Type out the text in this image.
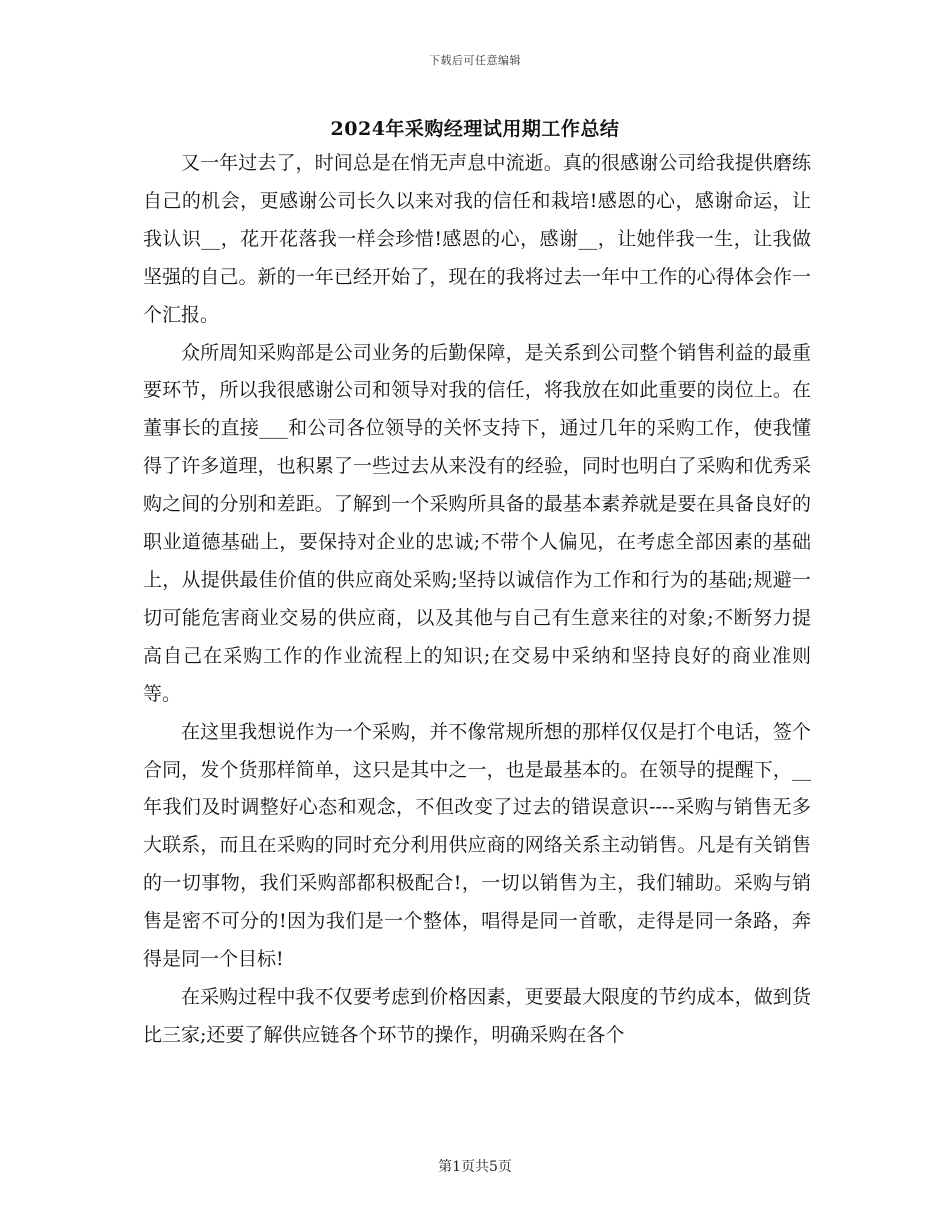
下载后可任意编辑
2024年采购经理试用期工作总结

又一年过去了，时间总是在悄无声息中流逝。真的很感谢公司给我提供磨练自己的机会，更感谢公司长久以来对我的信任和栽培!感恩的心，感谢命运，让我认识__，花开花落我一样会珍惜!感恩的心，感谢__，让她伴我一生，让我做坚强的自己。新的一年已经开始了，现在的我将过去一年中工作的心得体会作一个汇报。

众所周知采购部是公司业务的后勤保障，是关系到公司整个销售利益的最重要环节，所以我很感谢公司和领导对我的信任，将我放在如此重要的岗位上。在董事长的直接___和公司各位领导的关怀支持下，通过几年的采购工作，使我懂得了许多道理，也积累了一些过去从来没有的经验，同时也明白了采购和优秀采购之间的分别和差距。了解到一个采购所具备的最基本素养就是要在具备良好的职业道德基础上，要保持对企业的忠诚;不带个人偏见，在考虑全部因素的基础上，从提供最佳价值的供应商处采购;坚持以诚信作为工作和行为的基础;规避一切可能危害商业交易的供应商，以及其他与自己有生意来往的对象;不断努力提高自己在采购工作的作业流程上的知识;在交易中采纳和坚持良好的商业准则等。

在这里我想说作为一个采购，并不像常规所想的那样仅仅是打个电话，签个合同，发个货那样简单，这只是其中之一，也是最基本的。在领导的提醒下，__年我们及时调整好心态和观念，不但改变了过去的错误意识----采购与销售无多大联系，而且在采购的同时充分利用供应商的网络关系主动销售。凡是有关销售的一切事物，我们采购部都积极配合!，一切以销售为主，我们辅助。采购与销售是密不可分的!因为我们是一个整体，唱得是同一首歌，走得是同一条路，奔得是同一个目标!

在采购过程中我不仅要考虑到价格因素，更要最大限度的节约成本，做到货比三家;还要了解供应链各个环节的操作，明确采购在各个

第1页共5页
